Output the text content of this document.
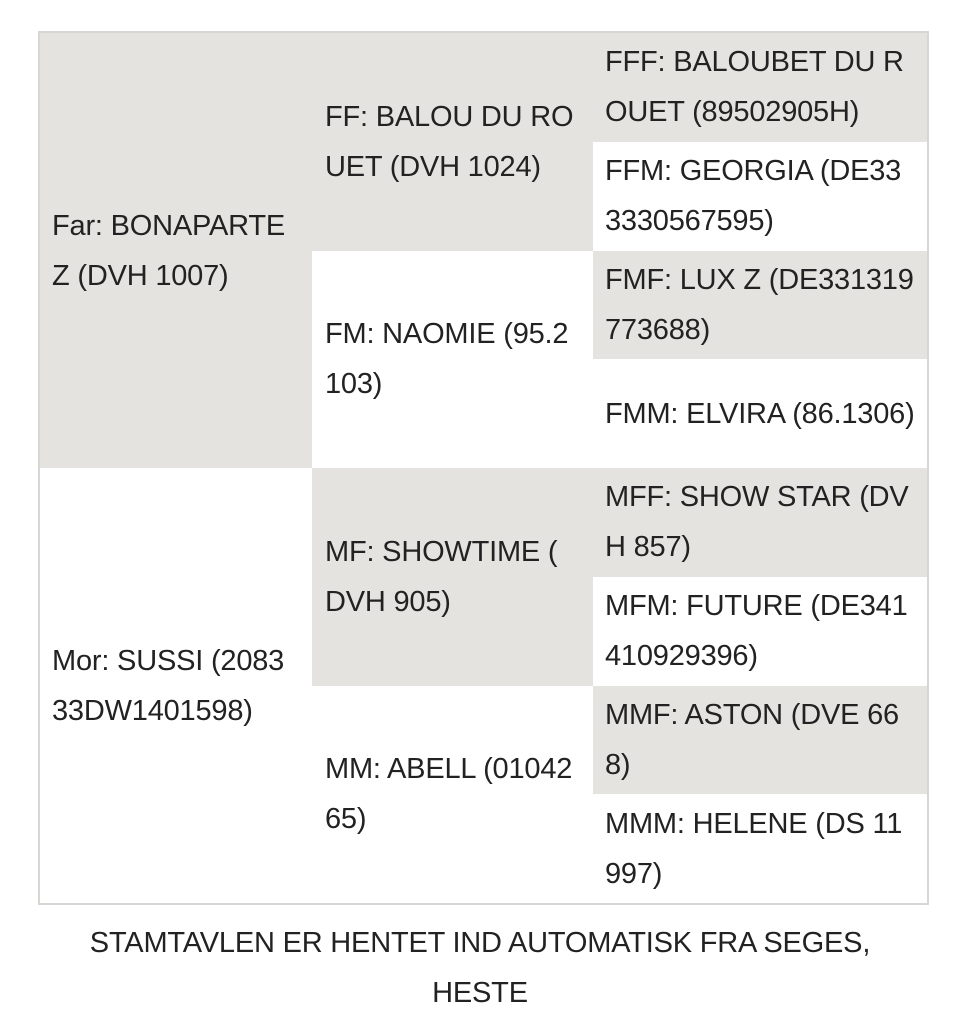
Far: BONAPARTE Z (DVH 1007)
Mor: SUSSI (208333DW1401598)
FF: BALOU DU ROUET (DVH 1024)
FM: NAOMIE (95.2103)
MF: SHOWTIME ( DVH 905)
MM: ABELL (0104265)
FFF: BALOUBET DU ROUET (89502905H)
FFM: GEORGIA (DE333330567595)
FMF: LUX Z (DE331319773688)
FMM: ELVIRA (86.1306)
MFF: SHOW STAR (DVH 857)
MFM: FUTURE (DE341410929396)
MMF: ASTON (DVE 668)
MMM: HELENE (DS 11997)
STAMTAVLEN ER HENTET IND AUTOMATISK FRA SEGES, HESTE
